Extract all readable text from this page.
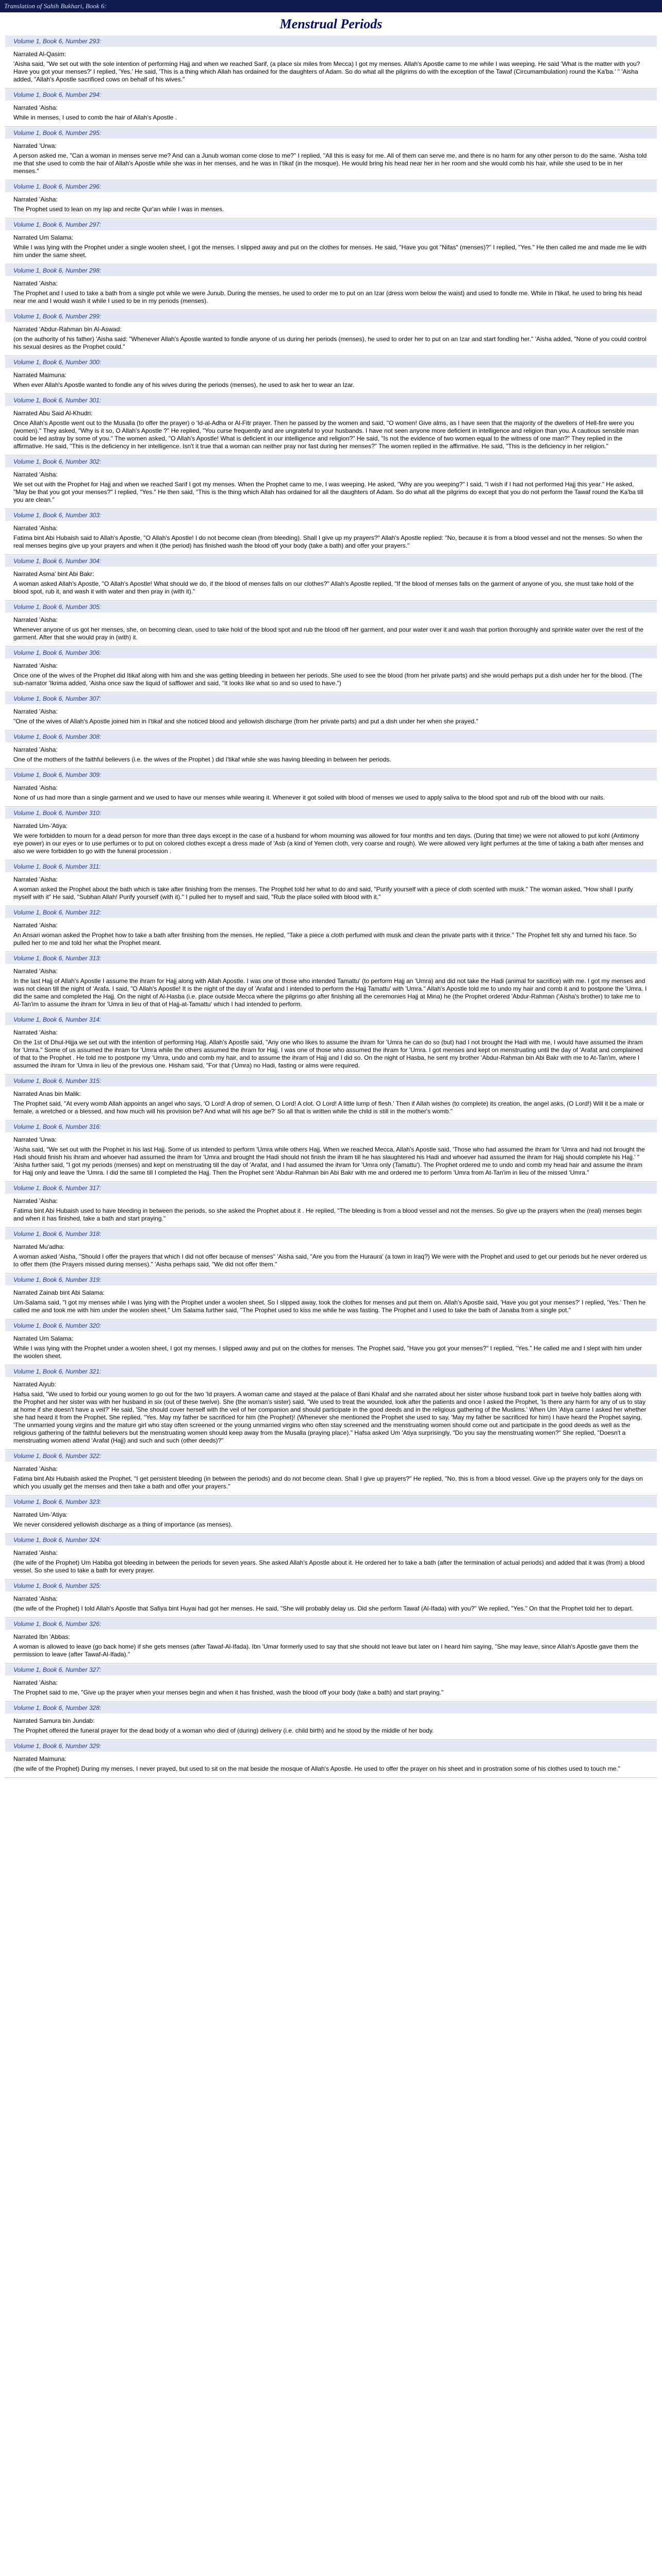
Translation of Sahih Bukhari, Book 6:
Menstrual Periods
Volume 1, Book 6, Number 293:
Narrated Al-Qasim:
'Aisha said, "We set out with the sole intention of performing Hajj and when we reached Sarif, (a place six miles from Mecca) I got my menses. Allah's Apostle came to me while I was weeping. He said 'What is the matter with you? Have you got your menses?' I replied, 'Yes.' He said, 'This is a thing which Allah has ordained for the daughters of Adam. So do what all the pilgrims do with the exception of the Tawaf (Circumambulation) round the Ka'ba.' " 'Aisha added, "Allah's Apostle sacrificed cows on behalf of his wives."
Volume 1, Book 6, Number 294:
Narrated 'Aisha:
While in menses, I used to comb the hair of Allah's Apostle .
Volume 1, Book 6, Number 295:
Narrated 'Urwa:
A person asked me, "Can a woman in menses serve me? And can a Junub woman come close to me?" I replied, "All this is easy for me. All of them can serve me, and there is no harm for any other person to do the same. 'Aisha told me that she used to comb the hair of Allah's Apostle while she was in her menses, and he was in I'tikaf (in the mosque). He would bring his head near her in her room and she would comb his hair, while she used to be in her menses."
Volume 1, Book 6, Number 296:
Narrated 'Aisha:
The Prophet used to lean on my lap and recite Qur'an while I was in menses.
Volume 1, Book 6, Number 297:
Narrated Um Salama:
While I was lying with the Prophet under a single woolen sheet, I got the menses. I slipped away and put on the clothes for menses. He said, "Have you got "Nifas" (menses)?" I replied, "Yes." He then called me and made me lie with him under the same sheet.
Volume 1, Book 6, Number 298:
Narrated 'Aisha:
The Prophet and I used to take a bath from a single pot while we were Junub. During the menses, he used to order me to put on an Izar (dress worn below the waist) and used to fondle me. While in I'tikaf, he used to bring his head near me and I would wash it while I used to be in my periods (menses).
Volume 1, Book 6, Number 299:
Narrated 'Abdur-Rahman bin Al-Aswad:
(on the authority of his father) 'Aisha said: "Whenever Allah's Apostle wanted to fondle anyone of us during her periods (menses), he used to order her to put on an Izar and start fondling her." 'Aisha added, "None of you could control his sexual desires as the Prophet could."
Volume 1, Book 6, Number 300:
Narrated Maimuna:
When ever Allah's Apostle wanted to fondle any of his wives during the periods (menses), he used to ask her to wear an Izar.
Volume 1, Book 6, Number 301:
Narrated Abu Said Al-Khudri:
Once Allah's Apostle went out to the Musalla (to offer the prayer) o 'Id-al-Adha or Al-Fitr prayer. Then he passed by the women and said, "O women! Give alms, as I have seen that the majority of the dwellers of Hell-fire were you (women)." They asked, "Why is it so, O Allah's Apostle ?" He replied, "You curse frequently and are ungrateful to your husbands. I have not seen anyone more deficient in intelligence and religion than you. A cautious sensible man could be led astray by some of you." The women asked, "O Allah's Apostle! What is deficient in our intelligence and religion?" He said, "Is not the evidence of two women equal to the witness of one man?" They replied in the affirmative. He said, "This is the deficiency in her intelligence. Isn't it true that a woman can neither pray nor fast during her menses?" The women replied in the affirmative. He said, "This is the deficiency in her religion."
Volume 1, Book 6, Number 302:
Narrated 'Aisha:
We set out with the Prophet for Hajj and when we reached Sarif I got my menses. When the Prophet came to me, I was weeping. He asked, "Why are you weeping?" I said, "I wish if I had not performed Hajj this year." He asked, "May be that you got your menses?" I replied, "Yes." He then said, "This is the thing which Allah has ordained for all the daughters of Adam. So do what all the pilgrims do except that you do not perform the Tawaf round the Ka'ba till you are clean."
Volume 1, Book 6, Number 303:
Narrated 'Aisha:
Fatima bint Abi Hubaish said to Allah's Apostle, "O Allah's Apostle! I do not become clean (from bleeding). Shall I give up my prayers?" Allah's Apostle replied: "No, because it is from a blood vessel and not the menses. So when the real menses begins give up your prayers and when it (the period) has finished wash the blood off your body (take a bath) and offer your prayers."
Volume 1, Book 6, Number 304:
Narrated Asma' bint Abi Bakr:
A woman asked Allah's Apostle, "O Allah's Apostle! What should we do, if the blood of menses falls on our clothes?" Allah's Apostle replied, "If the blood of menses falls on the garment of anyone of you, she must take hold of the blood spot, rub it, and wash it with water and then pray in (with it)."
Volume 1, Book 6, Number 305:
Narrated 'Aisha:
Whenever anyone of us got her menses, she, on becoming clean, used to take hold of the blood spot and rub the blood off her garment, and pour water over it and wash that portion thoroughly and sprinkle water over the rest of the garment. After that she would pray in (with) it.
Volume 1, Book 6, Number 306:
Narrated 'Aisha:
Once one of the wives of the Prophet did Itikaf along with him and she was getting bleeding in between her periods. She used to see the blood (from her private parts) and she would perhaps put a dish under her for the blood. (The sub-narrator 'Ikrima added, 'Aisha once saw the liquid of safflower and said, "It looks like what so and so used to have.")
Volume 1, Book 6, Number 307:
Narrated 'Aisha:
"One of the wives of Allah's Apostle joined him in I'tikaf and she noticed blood and yellowish discharge (from her private parts) and put a dish under her when she prayed."
Volume 1, Book 6, Number 308:
Narrated 'Aisha:
One of the mothers of the faithful believers (i.e. the wives of the Prophet ) did I'tikaf while she was having bleeding in between her periods.
Volume 1, Book 6, Number 309:
Narrated 'Aisha:
None of us had more than a single garment and we used to have our menses while wearing it. Whenever it got soiled with blood of menses we used to apply saliva to the blood spot and rub off the blood with our nails.
Volume 1, Book 6, Number 310:
Narrated Um-'Atiya:
We were forbidden to mourn for a dead person for more than three days except in the case of a husband for whom mourning was allowed for four months and ten days. (During that time) we were not allowed to put kohl (Antimony eye power) in our eyes or to use perfumes or to put on colored clothes except a dress made of 'Asb (a kind of Yemen cloth, very coarse and rough). We were allowed very light perfumes at the time of taking a bath after menses and also we were forbidden to go with the funeral procession .
Volume 1, Book 6, Number 311:
Narrated 'Aisha:
A woman asked the Prophet about the bath which is take after finishing from the menses. The Prophet told her what to do and said, "Purify yourself with a piece of cloth scented with musk." The woman asked, "How shall I purify myself with it" He said, "Subhan Allah! Purify yourself (with it)." I pulled her to myself and said, "Rub the place soiled with blood with it."
Volume 1, Book 6, Number 312:
Narrated 'Aisha:
An Ansari woman asked the Prophet how to take a bath after finishing from the menses. He replied, "Take a piece a cloth perfumed with musk and clean the private parts with it thrice." The Prophet felt shy and turned his face. So pulled her to me and told her what the Prophet meant.
Volume 1, Book 6, Number 313:
Narrated 'Aisha:
In the last Hajj of Allah's Apostle I assume the ihram for Hajj along with Allah Apostle. I was one of those who intended Tamattu' (to perform Hajj an 'Umra) and did not take the Hadi (animal for sacrifice) with me. I got my menses and was not clean till the night of 'Arafa. I said, "O Allah's Apostle! It is the night of the day of 'Arafat and I intended to perform the Hajj Tamattu' with 'Umra." Allah's Apostle told me to undo my hair and comb it and to postpone the 'Umra. I did the same and completed the Hajj. On the night of Al-Hasba (i.e. place outside Mecca where the pilgrims go after finishing all the ceremonies Hajj at Mina) he (the Prophet ordered 'Abdur-Rahman ('Aisha's brother) to take me to Al-Tan'im to assume the ihram for 'Umra in lieu of that of Hajj-at-Tamattu' which I had intended to perform.
Volume 1, Book 6, Number 314:
Narrated 'Aisha:
On the 1st of Dhul-Hijja we set out with the intention of performing Hajj. Allah's Apostle said, "Any one who likes to assume the ihram for 'Umra he can do so (but) had I not brought the Hadi with me, I would have assumed the ihram for 'Umra." Some of us assumed the ihram for 'Umra while the others assumed the ihram for Hajj. I was one of those who assumed the ihram for 'Umra. I got menses and kept on menstruating until the day of 'Arafat and complained of that to the Prophet . He told me to postpone my 'Umra, undo and comb my hair, and to assume the ihram of Hajj and I did so. On the night of Hasba, he sent my brother 'Abdur-Rahman bin Abi Bakr with me to At-Tan'im, where I assumed the ihram for 'Umra in lieu of the previous one. Hisham said, "For that ('Umra) no Hadi, fasting or alms were required.
Volume 1, Book 6, Number 315:
Narrated Anas bin Malik:
The Prophet said, "At every womb Allah appoints an angel who says, 'O Lord! A drop of semen, O Lord! A clot. O Lord! A little lump of flesh.' Then if Allah wishes (to complete) its creation, the angel asks, (O Lord!) Will it be a male or female, a wretched or a blessed, and how much will his provision be? And what will his age be?' So all that is written while the child is still in the mother's womb."
Volume 1, Book 6, Number 316:
Narrated 'Urwa:
'Aisha said, "We set out with the Prophet in his last Hajj. Some of us intended to perform 'Umra while others Hajj. When we reached Mecca, Allah's Apostle said, 'Those who had assumed the ihram for 'Umra and had not brought the Hadi should finish his ihram and whoever had assumed the ihram for 'Umra and brought the Hadi should not finish the ihram till he has slaughtered his Hadi and whoever had assumed the ihram for Hajj should complete his Hajj.' " 'Aisha further said, "I got my periods (menses) and kept on menstruating till the day of 'Arafat, and I had assumed the ihram for 'Umra only (Tamattu'). The Prophet ordered me to undo and comb my head hair and assume the ihram for Hajj only and leave the 'Umra. I did the same till I completed the Hajj. Then the Prophet sent 'Abdur-Rahman bin Abi Bakr with me and ordered me to perform 'Umra from At-Tan'im in lieu of the missed 'Umra."
Volume 1, Book 6, Number 317:
Narrated 'Aisha:
Fatima bint Abi Hubaish used to have bleeding in between the periods, so she asked the Prophet about it . He replied, "The bleeding is from a blood vessel and not the menses. So give up the prayers when the (real) menses begin and when it has finished, take a bath and start praying."
Volume 1, Book 6, Number 318:
Narrated Mu'adha:
A woman asked 'Aisha, "Should I offer the prayers that which I did not offer because of menses" 'Aisha said, "Are you from the Huraura' (a town in Iraq?) We were with the Prophet and used to get our periods but he never ordered us to offer them (the Prayers missed during menses)." 'Aisha perhaps said, "We did not offer them."
Volume 1, Book 6, Number 319:
Narrated Zainab bint Abi Salama:
Um-Salama said, "I got my menses while I was lying with the Prophet under a woolen sheet. So I slipped away, took the clothes for menses and put them on. Allah's Apostle said, 'Have you got your menses?' I replied, 'Yes.' Then he called me and took me with him under the woolen sheet." Um Salama further said, "The Prophet used to kiss me while he was fasting. The Prophet and I used to take the bath of Janaba from a single pot."
Volume 1, Book 6, Number 320:
Narrated Um Salama:
While I was lying with the Prophet under a woolen sheet, I got my menses. I slipped away and put on the clothes for menses. The Prophet said, "Have you got your menses?" I replied, "Yes." He called me and I slept with him under the woolen sheet.
Volume 1, Book 6, Number 321:
Narrated Aiyub:
Hafsa said, "We used to forbid our young women to go out for the two 'Id prayers. A woman came and stayed at the palace of Bani Khalaf and she narrated about her sister whose husband took part in twelve holy battles along with the Prophet and her sister was with her husband in six (out of these twelve). She (the woman's sister) said, "We used to treat the wounded, look after the patients and once I asked the Prophet, 'Is there any harm for any of us to stay at home if she doesn't have a veil?' He said, 'She should cover herself with the veil of her companion and should participate in the good deeds and in the religious gathering of the Muslims.' When Um 'Atiya came I asked her whether she had heard it from the Prophet. She replied, "Yes. May my father be sacrificed for him (the Prophet)! (Whenever she mentioned the Prophet she used to say, 'May my father be sacrificed for him) I have heard the Prophet saying, 'The unmarried young virgins and the mature girl who stay often screened or the young unmarried virgins who often stay screened and the menstruating women should come out and participate in the good deeds as well as the religious gathering of the faithful believers but the menstruating women should keep away from the Musalla (praying place)." Hafsa asked Um 'Atiya surprisingly, "Do you say the menstruating women?" She replied, "Doesn't a menstruating women attend 'Arafat (Hajj) and such and such (other deeds)?"
Volume 1, Book 6, Number 322:
Narrated 'Aisha:
Fatima bint Abi Hubaish asked the Prophet, "I get persistent bleeding (in between the periods) and do not become clean. Shall I give up prayers?" He replied, "No, this is from a blood vessel. Give up the prayers only for the days on which you usually get the menses and then take a bath and offer your prayers."
Volume 1, Book 6, Number 323:
Narrated Um-'Atiya:
We never considered yellowish discharge as a thing of importance (as menses).
Volume 1, Book 6, Number 324:
Narrated 'Aisha:
(the wife of the Prophet) Um Habiba got bleeding in between the periods for seven years. She asked Allah's Apostle about it. He ordered her to take a bath (after the termination of actual periods) and added that it was (from) a blood vessel. So she used to take a bath for every prayer.
Volume 1, Book 6, Number 325:
Narrated 'Aisha:
(the wife of the Prophet) I told Allah's Apostle that Safiya bint Huyai had got her menses. He said, "She will probably delay us. Did she perform Tawaf (Al-Ifada) with you?" We replied, "Yes." On that the Prophet told her to depart.
Volume 1, Book 6, Number 326:
Narrated Ibn 'Abbas:
A woman is allowed to leave (go back home) if she gets menses (after Tawaf-Al-Ifada). Ibn 'Umar formerly used to say that she should not leave but later on I heard him saying, "She may leave, since Allah's Apostle gave them the permission to leave (after Tawaf-Al-Ifada)."
Volume 1, Book 6, Number 327:
Narrated 'Aisha:
The Prophet said to me, "Give up the prayer when your menses begin and when it has finished, wash the blood off your body (take a bath) and start praying."
Volume 1, Book 6, Number 328:
Narrated Samura bin Jundab:
The Prophet offered the funeral prayer for the dead body of a woman who died of (during) delivery (i.e. child birth) and he stood by the middle of her body.
Volume 1, Book 6, Number 329:
Narrated Maimuna:
(the wife of the Prophet) During my menses, I never prayed, but used to sit on the mat beside the mosque of Allah's Apostle. He used to offer the prayer on his sheet and in prostration some of his clothes used to touch me."
